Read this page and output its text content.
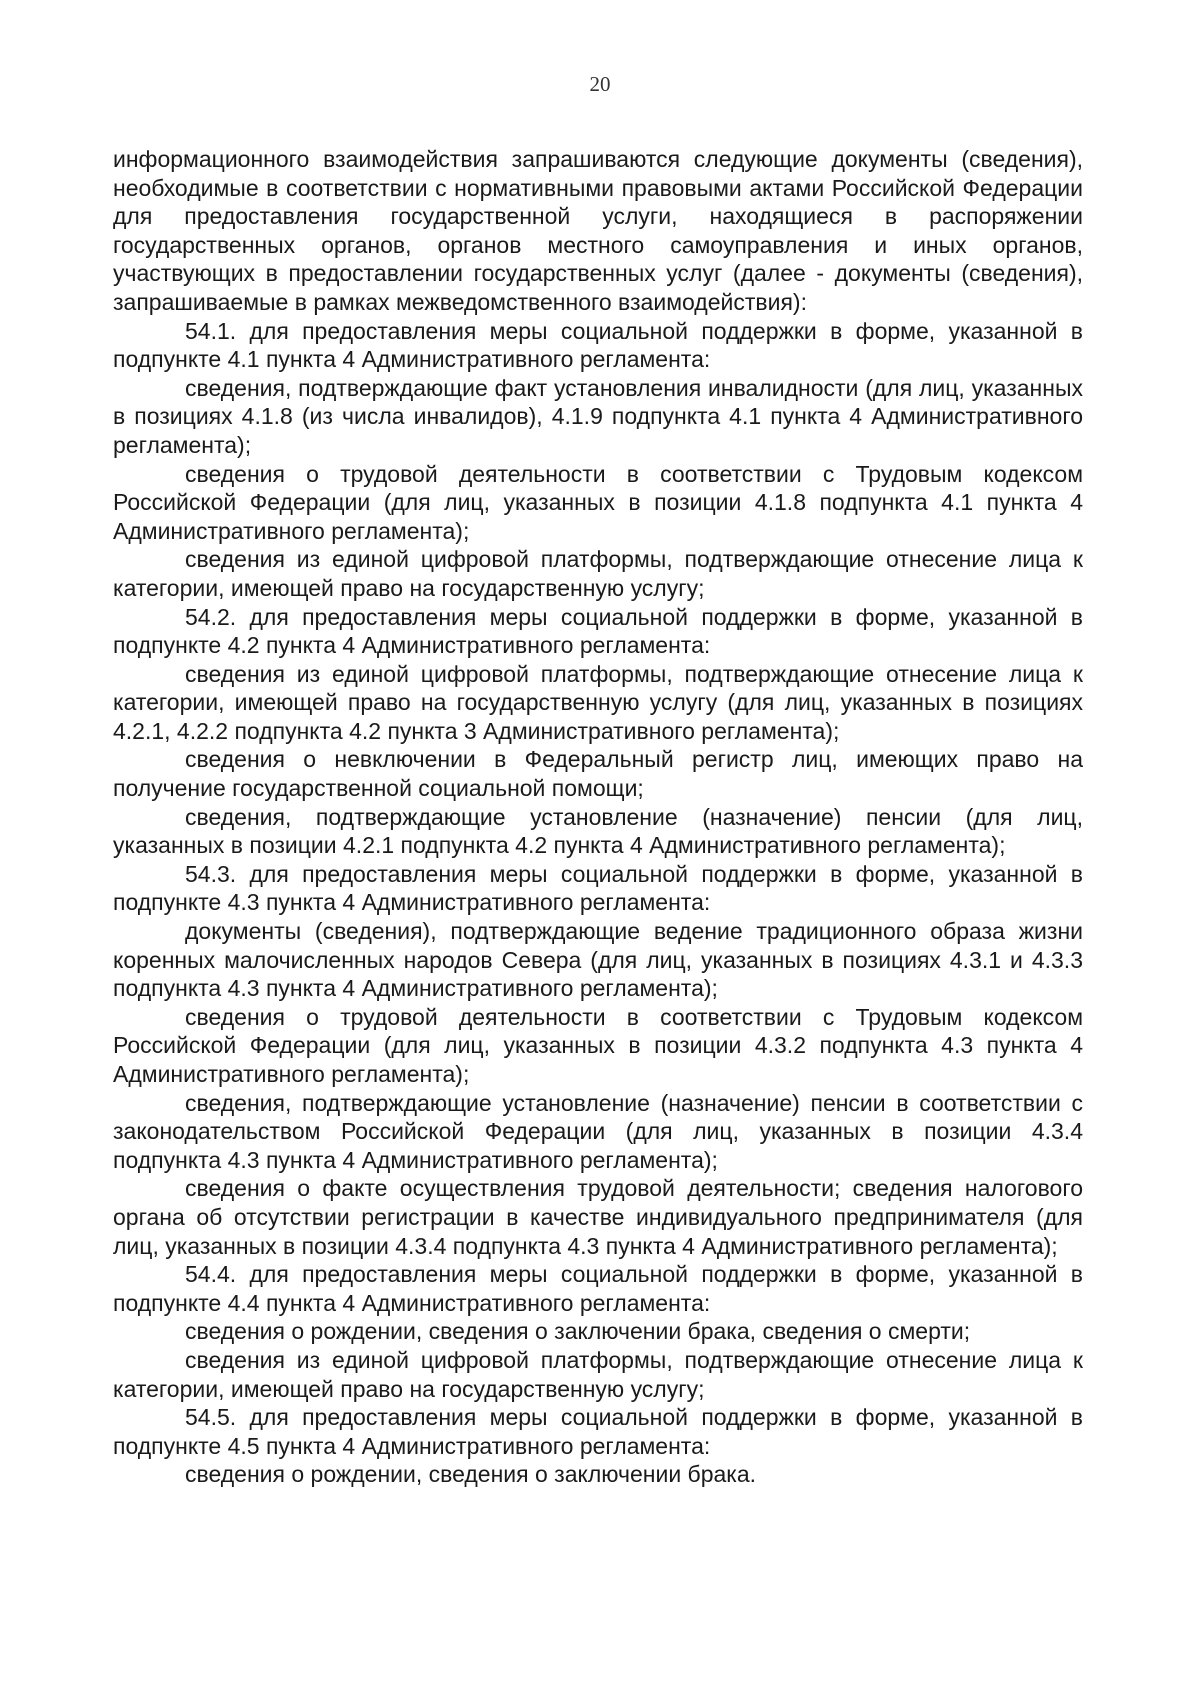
20

информационного взаимодействия запрашиваются следующие документы (сведения), необходимые в соответствии с нормативными правовыми актами Российской Федерации для предоставления государственной услуги, находящиеся в распоряжении государственных органов, органов местного самоуправления и иных органов, участвующих в предоставлении государственных услуг (далее - документы (сведения), запрашиваемые в рамках межведомственного взаимодействия):

54.1. для предоставления меры социальной поддержки в форме, указанной в подпункте 4.1 пункта 4 Административного регламента:

сведения, подтверждающие факт установления инвалидности (для лиц, указанных в позициях 4.1.8 (из числа инвалидов), 4.1.9 подпункта 4.1 пункта 4 Административного регламента);

сведения о трудовой деятельности в соответствии с Трудовым кодексом Российской Федерации (для лиц, указанных в позиции 4.1.8 подпункта 4.1 пункта 4 Административного регламента);

сведения из единой цифровой платформы, подтверждающие отнесение лица к категории, имеющей право на государственную услугу;

54.2. для предоставления меры социальной поддержки в форме, указанной в подпункте 4.2 пункта 4 Административного регламента:

сведения из единой цифровой платформы, подтверждающие отнесение лица к категории, имеющей право на государственную услугу (для лиц, указанных в позициях 4.2.1, 4.2.2 подпункта 4.2 пункта 3 Административного регламента);

сведения о невключении в Федеральный регистр лиц, имеющих право на получение государственной социальной помощи;

сведения, подтверждающие установление (назначение) пенсии (для лиц, указанных в позиции 4.2.1 подпункта 4.2 пункта 4 Административного регламента);

54.3. для предоставления меры социальной поддержки в форме, указанной в подпункте 4.3 пункта 4 Административного регламента:

документы (сведения), подтверждающие ведение традиционного образа жизни коренных малочисленных народов Севера (для лиц, указанных в позициях 4.3.1 и 4.3.3 подпункта 4.3 пункта 4 Административного регламента);

сведения о трудовой деятельности в соответствии с Трудовым кодексом Российской Федерации (для лиц, указанных в позиции 4.3.2 подпункта 4.3 пункта 4 Административного регламента);

сведения, подтверждающие установление (назначение) пенсии в соответствии с законодательством Российской Федерации (для лиц, указанных в позиции 4.3.4 подпункта 4.3 пункта 4 Административного регламента);

сведения о факте осуществления трудовой деятельности; сведения налогового органа об отсутствии регистрации в качестве индивидуального предпринимателя (для лиц, указанных в позиции 4.3.4 подпункта 4.3 пункта 4 Административного регламента);

54.4. для предоставления меры социальной поддержки в форме, указанной в подпункте 4.4 пункта 4 Административного регламента:

сведения о рождении, сведения о заключении брака, сведения о смерти;

сведения из единой цифровой платформы, подтверждающие отнесение лица к категории, имеющей право на государственную услугу;

54.5. для предоставления меры социальной поддержки в форме, указанной в подпункте 4.5 пункта 4 Административного регламента:

сведения о рождении, сведения о заключении брака.
